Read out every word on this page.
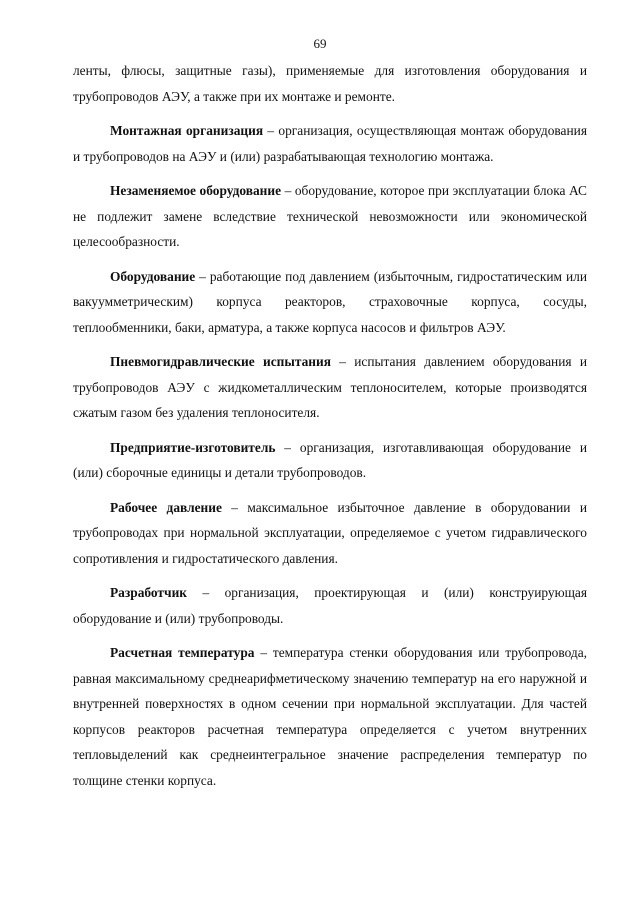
69

ленты, флюсы, защитные газы), применяемые для изготовления оборудования и трубопроводов АЭУ, а также при их монтаже и ремонте.

Монтажная организация – организация, осуществляющая монтаж оборудования и трубопроводов на АЭУ и (или) разрабатывающая технологию монтажа.

Незаменяемое оборудование – оборудование, которое при эксплуатации блока АС не подлежит замене вследствие технической невозможности или экономической целесообразности.

Оборудование – работающие под давлением (избыточным, гидростатическим или вакуумметрическим) корпуса реакторов, страховочные корпуса, сосуды, теплообменники, баки, арматура, а также корпуса насосов и фильтров АЭУ.

Пневмогидравлические испытания – испытания давлением оборудования и трубопроводов АЭУ с жидкометаллическим теплоносителем, которые производятся сжатым газом без удаления теплоносителя.

Предприятие-изготовитель – организация, изготавливающая оборудование и (или) сборочные единицы и детали трубопроводов.

Рабочее давление – максимальное избыточное давление в оборудовании и трубопроводах при нормальной эксплуатации, определяемое с учетом гидравлического сопротивления и гидростатического давления.

Разработчик – организация, проектирующая и (или) конструирующая оборудование и (или) трубопроводы.

Расчетная температура – температура стенки оборудования или трубопровода, равная максимальному среднеарифметическому значению температур на его наружной и внутренней поверхностях в одном сечении при нормальной эксплуатации. Для частей корпусов реакторов расчетная температура определяется с учетом внутренних тепловыделений как среднеинтегральное значение распределения температур по толщине стенки корпуса.
